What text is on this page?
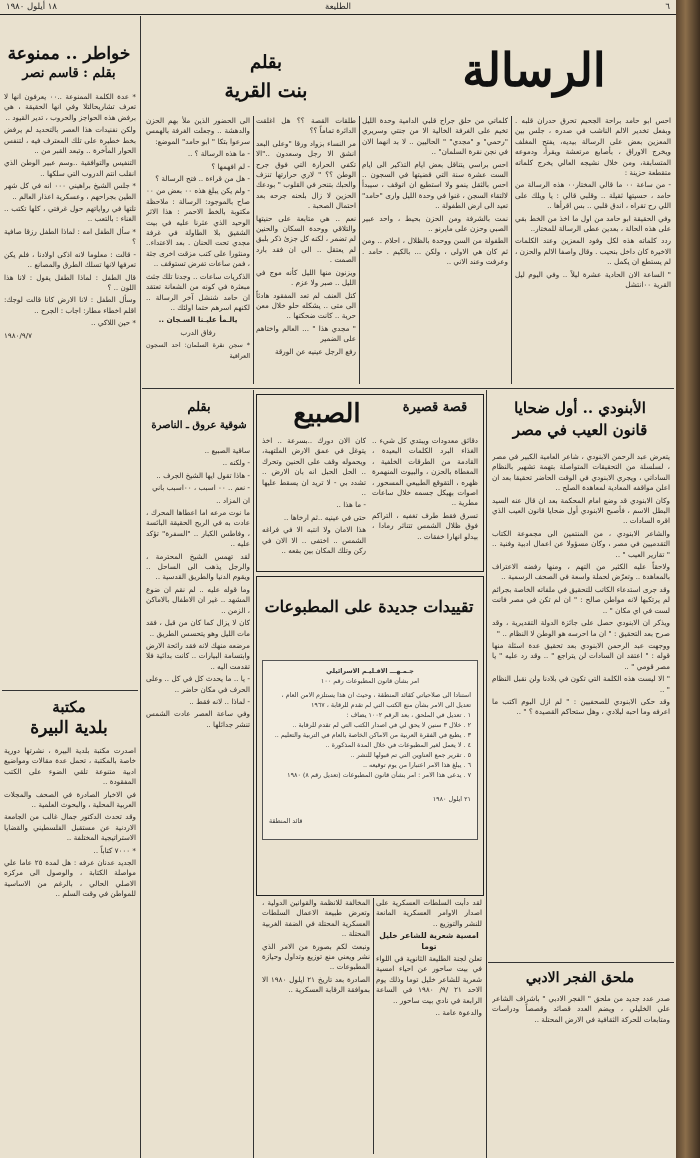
٦
الطليعة
١٨ أيلول ١٩٨٠
الرسالة
بقلم
بنت القرية

احس ابو حامد براحة الجحيم تحرق حدران قلبه . وبفعل تخدير الالم الناشب في صدره ، جلس بين المعزين بعض على الرسالة بيديه، يفتح المغلف ويخرج الاوراق ، بأصابع مرتعشة ويقرأ، ودموعه المتسابقة، ومن خلال نشيجه العالي يخرج كلماته متقطعة حزينة :

- من ساعة ٠٠ ما قالي المختار٠٠ هذه الرسالة من حامد ، حسيتها ثقيلة .. وقلبي قالي : يا ويلك على اللي رح تقراه ، اندق قلبي .. بس اقرأها ..

وفي الحقيقة ابو حامد من اول ما اخذ من الخط بقي على هذه الحالة ، بعدين عطى الرسالة للمختار..

ردد كلماته هذه لكل وفود المعزين وعند الكلمات الاخيرة كان داخل بنحيب . وقال واصفا الالم والحزن ، لم يستطع ان يكمل ..

" الساعة الان الحادية عشرة ليلاً .. وفي اليوم ليل القرية ٠٠انتشل

كلماتي من حلق جراح قلبي الدامية وحدة الليل تخيم على الغرفة الخالية الا من جنتي وسريري "رحمي" و "مجدي" " الحاليين .. لا بد انهما الان في نجن نقرة السلمان" ..

احس براسي يتناقل بعض ايام التذكير الى ايام الست عشرة سنة التي قضيتها في السجون .. احس بالثقل ينمو ولا استطيع ان اتوقف ، سيبدأ لالتقاء السجن ، غنوا في وحدة الليل وارى "حامد" تعيد الى ارض الطفولة ..

نمت بالشرفة ومن الحزن بحيط ، واحد عبير الصبي وحزن على مايرنو ..

الطفولة من السن ووحدة بالظلال ، احلام .. ومن ثم كان هي الاولى ، ولكن ... بالكيم . حامد . وعرفت وعند الاني ..

طلقات القصة ؟؟ هل اغلقت الدائرة تماماً ؟؟

مر النساء بزواد ورقا "وعلى البعد انشق الا رجل وسعدون .."الا تكفي الحرارة التي فوق جرح الوطن ؟؟ " لاري حرارتها تنزف والحبك بتنحر في القلوب " بودعك الحزين لا زال بلحنه جرحه بعد احتمال الصحبة .

نعم .. هي متابعة على حنيتها والتلاقي ووحدة السكان والحنين لم تضمر ، لكنه كل جزئ ذكر بلبق لم يعتقل .. الى ان فقد بارد الصمت .

ويزنون منها الليل كأنه موج في الليل .. صبر ولا عزم .

كتل العنف لم تعد المفقود هادئاً الى متى .. يشكله حلو خلال معن حرية .. كانت ضحكتها ..

" مجدي هذا " ... العالم واختاهم على الضمير

رفع الرجل عينيه عن الورقة

الى الحضور الذين ملأ بهم الحزن والدهشة .. وجعلت الغرفة بالهمس سرعوا بتكا " ابو حامد" الموضع:

- ما هذه الرسالة ؟ ..

- لم افهمها ؟

- هل من قراءة .. فتح الرسالة ؟

- ولم يكن يبلغ هذه ٠٠ بعض من ٠٠ صاح بالموجود: الرسالة : ملاحظة مكتوبة بالخط الاحمر : هذا الاثر الوحيد الذي عثرنا عليه في بيت الشقيق بلا الطاولة في غرفة مجدي تحت الحنان . بعد الاعتداء.. ومنثورا على كتب مزقت اخرى جثة ، فمن ساعات تفرض تستوقف ..

الذكريات ساعات .. وجدنا تلك جثث مبعثرة في كونه من الشعانة تعتقد ان حامد شنشل آخر الرسالة .. لكنهم اسرهم حتما اولئك ..

يالـمأ عليـنا السـجان ..

رفاق الدرب

* سجن نقرة السلمان: احد السجون العراقية

خواطر .. ممنوعة
بقلم : قاسم نصر

* عدة الكلمة الممنوعة ..٠٠ يعرفون انها لا تعرف تشاريحالتلا وفي انها الحقيقة ، هي برفض هذه الحواجز والحروب ، تدير القيود ..

ولكن نفنيدات هذا العصر بالتحديد لم يرفض بخط خطيرة على تلك المعترف فيه ، لتنفس الحوار المأخرة .. وتبعد القبر من ..

التنفيس والتوافقية ..وسم عبير الوطن الذي انقلب انتم الدروب التي سلكها ..

* جلس الشيخ براهيني ٠٠٠ انه في كل شهر الطين بجراحهم ، وعسكرية اعذار العالم ..

تلتها في رواياتهم حول غرفتي ، كلها تكتب .. الغناء : بالتعب ..

* سأل الطفل امه : لماذا الطفل رزقا صافية ؟

- قالت : معلوما لانه اذكى اولادنا ، فلم يكن تعرفها لانها تسلك الطرق والمصانع ..

قال الطفل : لماذا الطفل يقول : لانا هذا اللون .. ؟

وسأل الطفل : لانا الارض كانا قالت لوجك: اقلم اخطاء مطار: اجاب : الجرح ..

* حين اللاكي ..

١٩٨٠/٩/٧

مكتبة
بلدية البيرة

اصدرت مكتبة بلدية البيرة ، نشرتها دورية خاصة بالمكتبة ، تحمل عدة مقالات ومواضيع ادبية متنوعة تلقي الضوء على الكتب المفقودة ..

في الاخبار الصادرة في الصحف والمجلات العربية المحلية ، والبحوث العلمية ..

وقد تحدث الدكتور جمال غالب من الجامعة الاردنية عن مستقبل الفلسطيني والقضايا الاستراتيجية المختلفة ..

* ٧٠٠٠ كتاباً ..

الجديد عدنان عرفه : هل لمدة ٢٥ عاما علي مواصلة الكتابة ، والوصول الى مركزه الاصلي الحالي ، بالرغم من الاساسية للمواطن في وقت السلم ..

الأبنودي .. أول ضحايا
قانون العيب في مصر

يتعرض عبد الرحمن الابنودي ، شاعر العامية الكبير في مصر ، لسلسلة من التحقيقات المتواصلة بتهمة تشهير بالنظام الساداتي ، ويجري الابنودي في الوقت الحاضر تحقيقا بعد ان اعلن مواقفه المعادية لمعاهدة الصلح ..

وكان الابنودي قد وضع امام المحكمة بعد ان قال عنه السيد البطل الاسم ، فأصبح الابنودي أول ضحايا قانون العيب الذي اقره السادات ..

والشاعر الابنودي ، من المنتمين الى مجموعة الكتاب التقدميين في مصر ، وكان مسؤولا عن اعمال ادبية وفنية .. " تقارير العيب " ..

ولاحقاً عليه الكثير من التهم ، ومنها رفضه الاعتراف بالمعاهدة .. وتعرّض لحملة واسعة في الصحف الرسمية ..

وقد جرى استدعاء الكاتب للتحقيق في ملفاته الخاصة بجرائم لم يرتكبها لانه مواطن صالح : " ان لم تكن في مصر فانت لست في اي مكان " ..

ويذكر ان الابنودي حصل على جائزة الدولة التقديرية ، وقد صرح بعد التحقيق : " ان ما احرسه هو الوطن لا النظام .. "

ووجهت عبد الرحمن الابنودي بعد تحقيق عدة اسئلة منها قوله : " اعتقد ان السادات لن يتراجع " .. وقد رد عليه " يا مصر قومي " ..

" الا ليست هذه الكلمة التي تكون في بلادنا ولن نقبل النظام " ..

وقد حكى الابنودي للصحفيين : " لم ازل البوم اكتب ما اعرفه وما احبه لبلادي ، وهل ستحاكم القصيدة ؟ " ..

ملحق الفجر الادبي

صدر عدد جديد من ملحق " الفجر الادبي " باشراف الشاعر علي الخليلي ، ويضم العدد قصائد وقصصاً ودراسات ومتابعات للحركة الثقافية في الارض المحتلة ..

قصة قصيرة
الصبيع

دقائق معدودات ويبتدي كل شيء .. الغذاء البرد الكلمات البعيدة ، القادمة من الطرقات الخلفية ، المغطاة بالحزن ، والبيوت المنهمرة ظهره ، التقوقع الطبيعي المسحور ، اصوات بهيكل جسمه خلال ساعات مطرية ..

تسرق فقط طرف تغفيه ، التراكم فوق ظلال الشمس تتناثر رمادا ، بيدلو انهارا خفقات ..

كان الان دورك ..بسرعة .. اخذ يتوغل في عمق الارض الملتهبة، ويحموله وقف على الحنين وتحرك .. الحل الحبل انه بان الارض .. تشدد بي - لا تريد ان يسقط عليها ..

- ما هذا ..

حتى في عينيه ..ثم ارخاها ..

هذا الامان ولا انتبه الا في فراغه الشمس .. اختفى .. الا الان في ركن وتلك المكان بين بقعه ..

بقلم
شوقية عروق ـ الناصرة

ساقية الصبيع ..

- ولكنه ..

- هاذا تقول ايها الشيخ الجرف ..

- نعم .. ٠٠ اسبب ، ٠٠اسبب باني

ان المزاد ..

ما نوت مرعه اما اعطاها المحرك ، عادت به في الربح الحقيقة البائسة ، وفاطس الكبار .. "السفرة" تؤكد عليه ..

لقد تهمس الشيخ المحترمة ، والرجل يذهب الى الساحل .. ويقوم الدنيا والطريق القدسية ..

وما قوله عليه .. لم نقم ان ضوع المشهد .. غير ان الاطفال بالاماكن ، الزمن ..

كان لا يزال كما كان من قبل ، فقد مات الليل وهو يتحسس الطريق ..

مرضعه منهك لانه فقد رائحة الارض وابتسامة البيارات .. كانت بدائية فلا تقدمت اليه ..

- يا .. ما يحدث كل في كل .. وعلى الحرف في مكان حاضر ..

- لماذا .. لانه فقط ..

وفي ساعة العصر عادت الشمس تنشر جدائلها ..

تقييدات جديدة على المطبوعات
جـمـهـــ الاقـليـم الاسرائيلي
امر بشأن قانون المطبوعات رقم ١٠٠
استنادا الى صلاحياتي كقائد المنطقة ، وحيث ان هذا يستلزم الامن العام ،
تعديل الى الامر بشأن منع الكتب التي لم تقدم للرقابة ، ١٩٦٧
١ . تعديل في الملحق ، بعد الرقم ١٠٠٢ يضاف :
٢ . خلال ٣ سنين لا يحق لي في اصدار الكتب التي لم تقدم للرقابة ..
٣ . يطبع في الفقرة العربية من الاماكن الخاصة بالعام في التربية والتعليم ..
٤ . لا يعمل لغير المطبوعات في خلال المدة المذكورة ..
٥ . تقرير جمع العناوين التي تم قبولها للنشر ..
٦ . يبلغ هذا الامر اعتبارا من يوم توقيعه ..
٧ . يدعى هذا الامر : امر بشأن قانون المطبوعات (تعديل رقم ٨) ١٩٨٠
٢١ ايلول ١٩٨٠
قائد المنطقة

المخالفة للانظمة والقوانين الدولية ، وتعرض طبيعة الاعمال السلطات العسكرية المحتلة في الضفة الغربية المحتلة ..

ونبعث لكم بصورة من الامر الذي نشر ويعني منع توزيع وتداول وحيازة المطبوعات ..

الصادرة بعد تاريخ ٢١ ايلول ١٩٨٠ الا بموافقة الرقابة العسكرية ..

لقد دأبت السلطات العسكرية على اصدار الاوامر العسكرية المانعة للنشر والتوزيع ..

امسية شعرية للشاعر خليل توما

تعلن لجنة الطليعة الثانوية في اللواء في بيت ساحور عن احياء امسية شعرية للشاعر خليل توما وذلك يوم الاحد ٢١ /٩/ ١٩٨٠ في الساعة الرابعة في نادي بيت ساحور ..

والدعوة عامة ..
